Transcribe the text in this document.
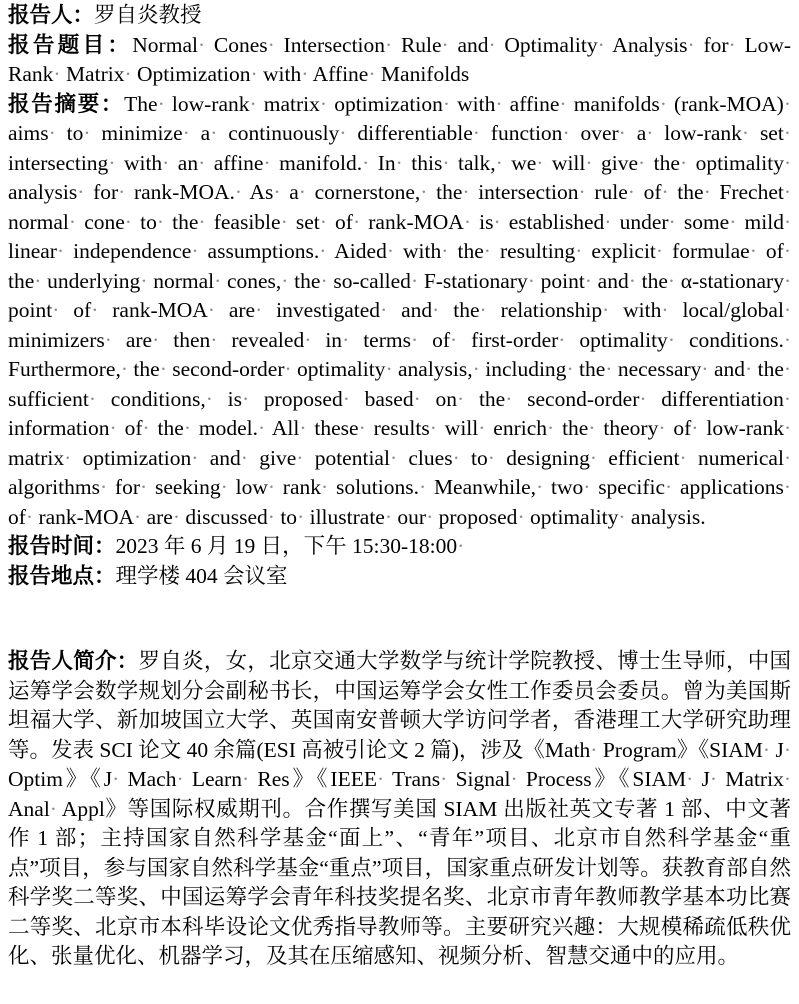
报告人：罗自炎教授

报告题目：Normal· Cones· Intersection· Rule· and· Optimality· Analysis· for· Low-Rank· Matrix· Optimization· with· Affine· Manifolds

报告摘要：The· low-rank· matrix· optimization· with· affine· manifolds· (rank-MOA)· aims· to· minimize· a· continuously· differentiable· function· over· a· low-rank· set· intersecting· with· an· affine· manifold.· In· this· talk,· we· will· give· the· optimality· analysis· for· rank-MOA.· As· a· cornerstone,· the· intersection· rule· of· the· Frechet· normal· cone· to· the· feasible· set· of· rank-MOA· is· established· under· some· mild· linear· independence· assumptions.· Aided· with· the· resulting· explicit· formulae· of· the· underlying· normal· cones,· the· so-called· F-stationary· point· and· the· α-stationary· point· of· rank-MOA· are· investigated· and· the· relationship· with· local/global· minimizers· are· then· revealed· in· terms· of· first-order· optimality· conditions.· Furthermore,· the· second-order· optimality· analysis,· including· the· necessary· and· the· sufficient· conditions,· is· proposed· based· on· the· second-order· differentiation· information· of· the· model.· All· these· results· will· enrich· the· theory· of· low-rank· matrix· optimization· and· give· potential· clues· to· designing· efficient· numerical· algorithms· for· seeking· low· rank· solutions.· Meanwhile,· two· specific· applications· of· rank-MOA· are· discussed· to· illustrate· our· proposed· optimality· analysis.

报告时间：2023 年 6 月 19 日，下午 15:30-18:00·

报告地点：理学楼 404 会议室

报告人简介：罗自炎，女，北京交通大学数学与统计学院教授、博士生导师，中国运筹学会数学规划分会副秘书长，中国运筹学会女性工作委员会委员。曾为美国斯坦福大学、新加坡国立大学、英国南安普顿大学访问学者，香港理工大学研究助理等。发表 SCI 论文 40 余篇(ESI 高被引论文 2 篇)，涉及《Math· Program》《SIAM· J· Optim》《J· Mach· Learn· Res》《IEEE· Trans· Signal· Process》《SIAM· J· Matrix· Anal· Appl》等国际权威期刊。合作撰写美国 SIAM 出版社英文专著 1 部、中文著作 1 部；主持国家自然科学基金“面上”、“青年”项目、北京市自然科学基金“重点”项目，参与国家自然科学基金“重点”项目，国家重点研发计划等。获教育部自然科学奖二等奖、中国运筹学会青年科技奖提名奖、北京市青年教师教学基本功比赛二等奖、北京市本科毕设论文优秀指导教师等。主要研究兴趣：大规模稀疏低秩优化、张量优化、机器学习，及其在压缩感知、视频分析、智慧交通中的应用。
